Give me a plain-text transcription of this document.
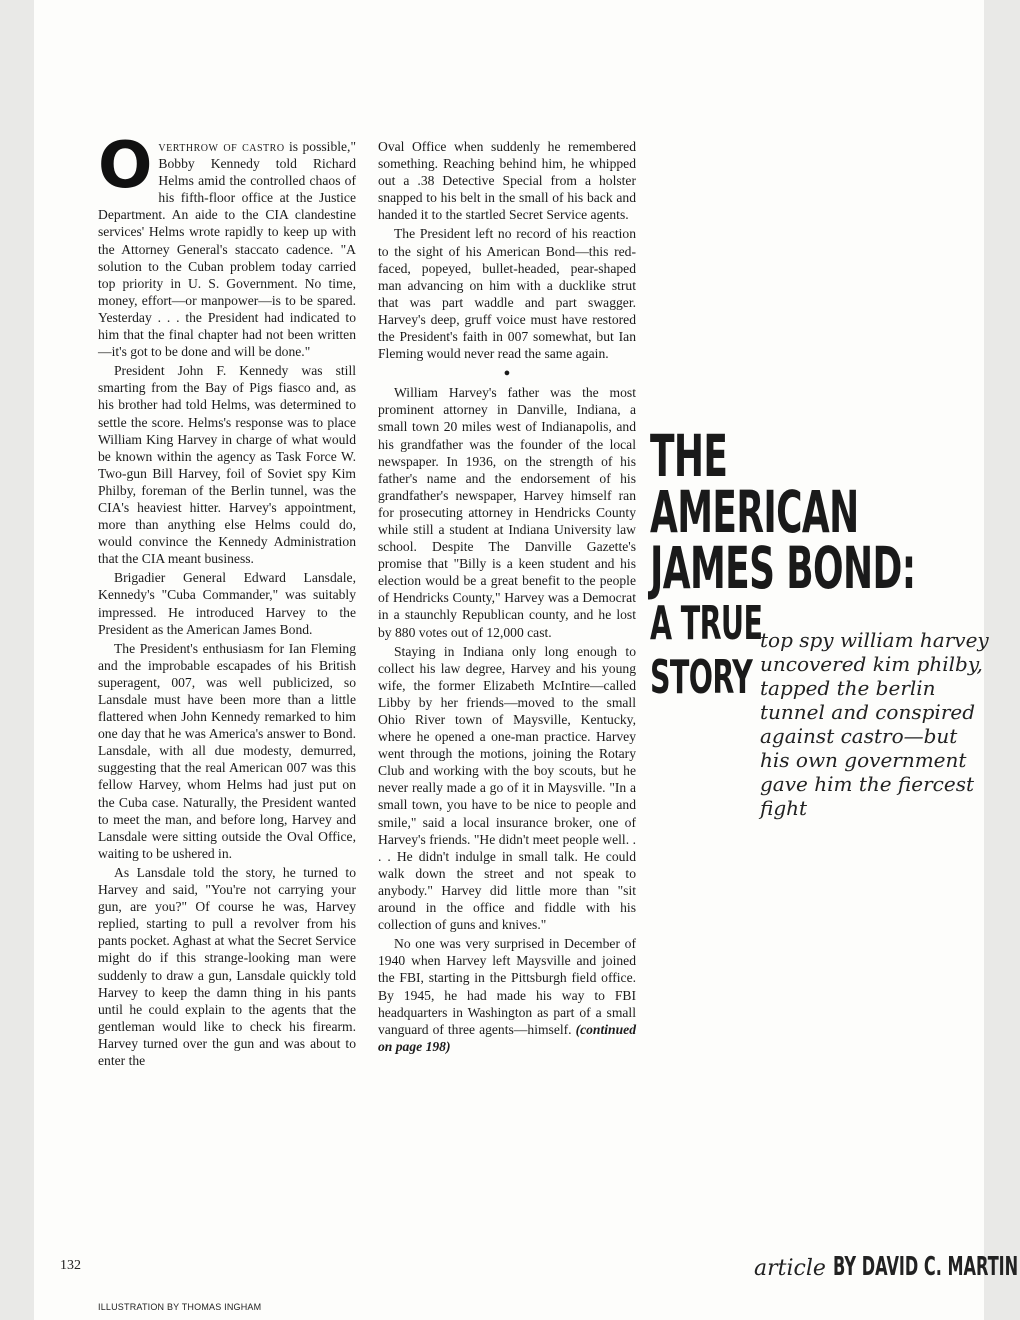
Overthrow of castro is possible," Bobby Kennedy told Richard Helms amid the controlled chaos of his fifth-floor office at the Justice Department. An aide to the CIA clandestine services' Helms wrote rapidly to keep up with the Attorney General's staccato cadence. "A solution to the Cuban problem today carried top priority in U. S. Government. No time, money, effort—or manpower—is to be spared. Yesterday . . . the President had indicated to him that the final chapter had not been written—it's got to be done and will be done."

President John F. Kennedy was still smarting from the Bay of Pigs fiasco and, as his brother had told Helms, was determined to settle the score. Helms's response was to place William King Harvey in charge of what would be known within the agency as Task Force W. Two-gun Bill Harvey, foil of Soviet spy Kim Philby, foreman of the Berlin tunnel, was the CIA's heaviest hitter. Harvey's appointment, more than anything else Helms could do, would convince the Kennedy Administration that the CIA meant business.

Brigadier General Edward Lansdale, Kennedy's "Cuba Commander," was suitably impressed. He introduced Harvey to the President as the American James Bond.

The President's enthusiasm for Ian Fleming and the improbable escapades of his British superagent, 007, was well publicized, so Lansdale must have been more than a little flattered when John Kennedy remarked to him one day that he was America's answer to Bond. Lansdale, with all due modesty, demurred, suggesting that the real American 007 was this fellow Harvey, whom Helms had just put on the Cuba case. Naturally, the President wanted to meet the man, and before long, Harvey and Lansdale were sitting outside the Oval Office, waiting to be ushered in.

As Lansdale told the story, he turned to Harvey and said, "You're not carrying your gun, are you?" Of course he was, Harvey replied, starting to pull a revolver from his pants pocket. Aghast at what the Secret Service might do if this strange-looking man were suddenly to draw a gun, Lansdale quickly told Harvey to keep the damn thing in his pants until he could explain to the agents that the gentleman would like to check his firearm. Harvey turned over the gun and was about to enter the

Oval Office when suddenly he remembered something. Reaching behind him, he whipped out a .38 Detective Special from a holster snapped to his belt in the small of his back and handed it to the startled Secret Service agents.

The President left no record of his reaction to the sight of his American Bond—this red-faced, popeyed, bullet-headed, pear-shaped man advancing on him with a ducklike strut that was part waddle and part swagger. Harvey's deep, gruff voice must have restored the President's faith in 007 somewhat, but Ian Fleming would never read the same again.

●

William Harvey's father was the most prominent attorney in Danville, Indiana, a small town 20 miles west of Indianapolis, and his grandfather was the founder of the local newspaper. In 1936, on the strength of his father's name and the endorsement of his grandfather's newspaper, Harvey himself ran for prosecuting attorney in Hendricks County while still a student at Indiana University law school. Despite The Danville Gazette's promise that "Billy is a keen student and his election would be a great benefit to the people of Hendricks County," Harvey was a Democrat in a staunchly Republican county, and he lost by 880 votes out of 12,000 cast.

Staying in Indiana only long enough to collect his law degree, Harvey and his young wife, the former Elizabeth McIntire—called Libby by her friends—moved to the small Ohio River town of Maysville, Kentucky, where he opened a one-man practice. Harvey went through the motions, joining the Rotary Club and working with the boy scouts, but he never really made a go of it in Maysville. "In a small town, you have to be nice to people and smile," said a local insurance broker, one of Harvey's friends. "He didn't meet people well. . . . He didn't indulge in small talk. He could walk down the street and not speak to anybody." Harvey did little more than "sit around in the office and fiddle with his collection of guns and knives."

No one was very surprised in December of 1940 when Harvey left Maysville and joined the FBI, starting in the Pittsburgh field office. By 1945, he had made his way to FBI headquarters in Washington as part of a small vanguard of three agents—himself. (continued on page 198)

THE
AMERICAN
JAMES BOND:
A TRUE
STORY
top spy william harvey uncovered kim philby, tapped the berlin tunnel and conspired against castro—but his own government gave him the fiercest fight
article BY DAVID C. MARTIN
132
ILLUSTRATION BY THOMAS INGHAM
